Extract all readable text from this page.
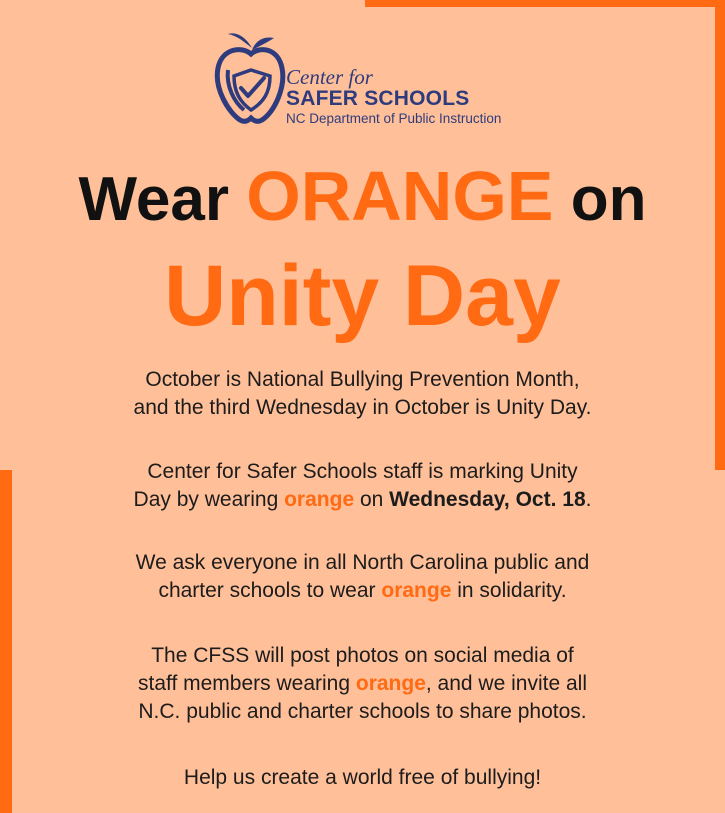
Center for
SAFER SCHOOLS
NC Department of Public Instruction
Wear ORANGE on
Unity Day
October is National Bullying Prevention Month,
and the third Wednesday in October is Unity Day.
Center for Safer Schools staff is marking Unity
Day by wearing orange on Wednesday, Oct. 18.
We ask everyone in all North Carolina public and
charter schools to wear orange in solidarity.
The CFSS will post photos on social media of
staff members wearing orange, and we invite all
N.C. public and charter schools to share photos.
Help us create a world free of bullying!
